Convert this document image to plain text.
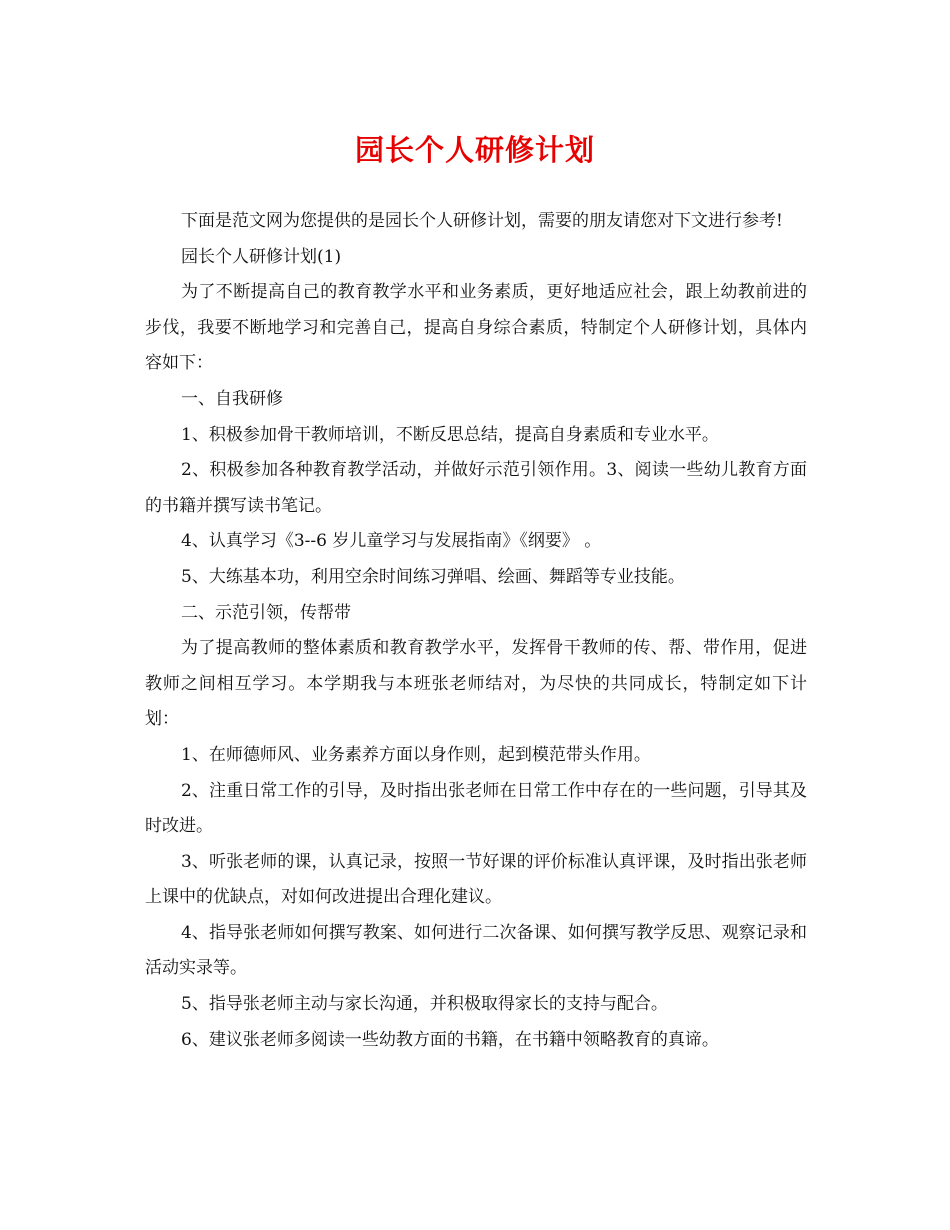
园长个人研修计划

下面是范文网为您提供的是园长个人研修计划，需要的朋友请您对下文进行参考!

园长个人研修计划(1)

为了不断提高自己的教育教学水平和业务素质，更好地适应社会，跟上幼教前进的步伐，我要不断地学习和完善自己，提高自身综合素质，特制定个人研修计划，具体内容如下：

一、自我研修

1、积极参加骨干教师培训，不断反思总结，提高自身素质和专业水平。

2、积极参加各种教育教学活动，并做好示范引领作用。3、阅读一些幼儿教育方面的书籍并撰写读书笔记。

4、认真学习《3--6 岁儿童学习与发展指南》《纲要》 。

5、大练基本功，利用空余时间练习弹唱、绘画、舞蹈等专业技能。

二、示范引领，传帮带

为了提高教师的整体素质和教育教学水平，发挥骨干教师的传、帮、带作用，促进教师之间相互学习。本学期我与本班张老师结对，为尽快的共同成长，特制定如下计划：

1、在师德师风、业务素养方面以身作则，起到模范带头作用。

2、注重日常工作的引导，及时指出张老师在日常工作中存在的一些问题，引导其及时改进。

3、听张老师的课，认真记录，按照一节好课的评价标准认真评课，及时指出张老师上课中的优缺点，对如何改进提出合理化建议。

4、指导张老师如何撰写教案、如何进行二次备课、如何撰写教学反思、观察记录和活动实录等。

5、指导张老师主动与家长沟通，并积极取得家长的支持与配合。

6、建议张老师多阅读一些幼教方面的书籍，在书籍中领略教育的真谛。
